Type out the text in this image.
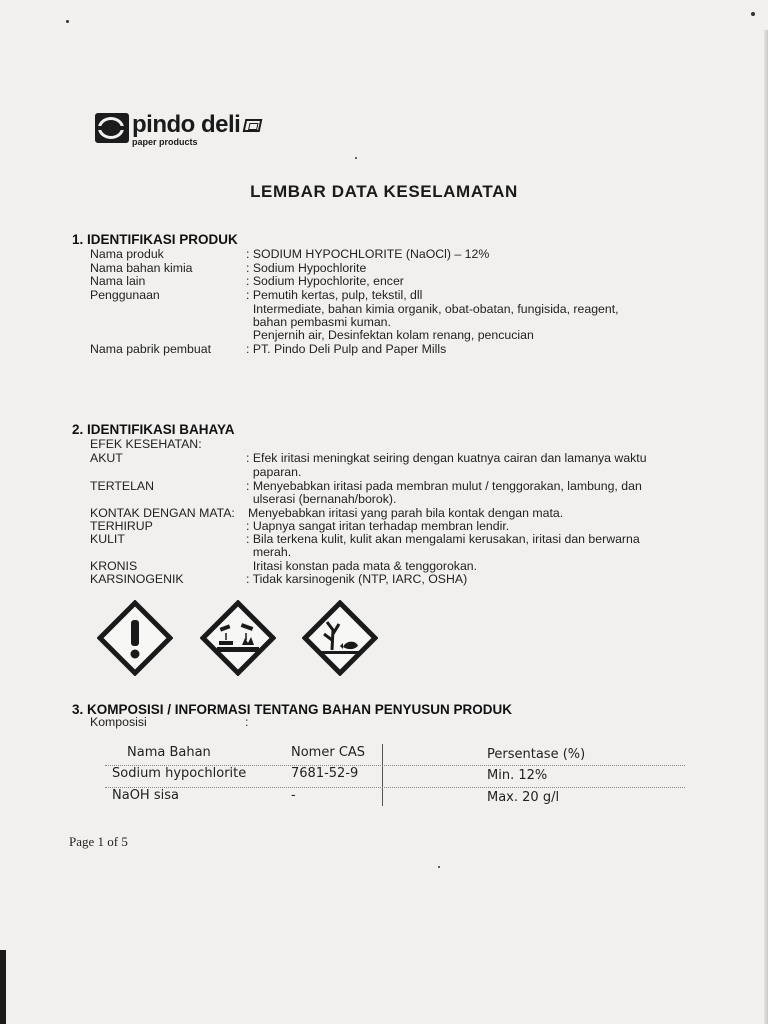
pindo deli
paper products
LEMBAR DATA KESELAMATAN
1. IDENTIFIKASI PRODUK
Nama produk	: SODIUM HYPOCHLORITE (NaOCl) – 12%
Nama bahan kimia	: Sodium Hypochlorite
Nama lain	: Sodium Hypochlorite, encer
Penggunaan	: Pemutih kertas, pulp, tekstil, dll
Intermediate, bahan kimia organik, obat-obatan, fungisida, reagent,
bahan pembasmi kuman.
Penjernih air, Desinfektan kolam renang, pencucian
Nama pabrik pembuat	: PT. Pindo Deli Pulp and Paper Mills
2. IDENTIFIKASI BAHAYA
EFEK KESEHATAN:
AKUT	: Efek iritasi meningkat seiring dengan kuatnya cairan dan lamanya waktu
paparan.
TERTELAN	: Menyebabkan iritasi pada membran mulut / tenggorakan, lambung, dan
ulserasi (bernanah/borok).
KONTAK DENGAN MATA: Menyebabkan iritasi yang parah bila kontak dengan mata.
TERHIRUP	: Uapnya sangat iritan terhadap membran lendir.
KULIT	: Bila terkena kulit, kulit akan mengalami kerusakan, iritasi dan berwarna
merah.
KRONIS	Iritasi konstan pada mata & tenggorokan.
KARSINOGENIK	: Tidak karsinogenik (NTP, IARC, OSHA)
3. KOMPOSISI / INFORMASI TENTANG BAHAN PENYUSUN PRODUK
Komposisi	:
Nama Bahan	Nomer CAS	Persentase (%)
Sodium hypochlorite	7681-52-9	Min. 12%
NaOH sisa	-	Max. 20 g/l
Page 1 of 5
